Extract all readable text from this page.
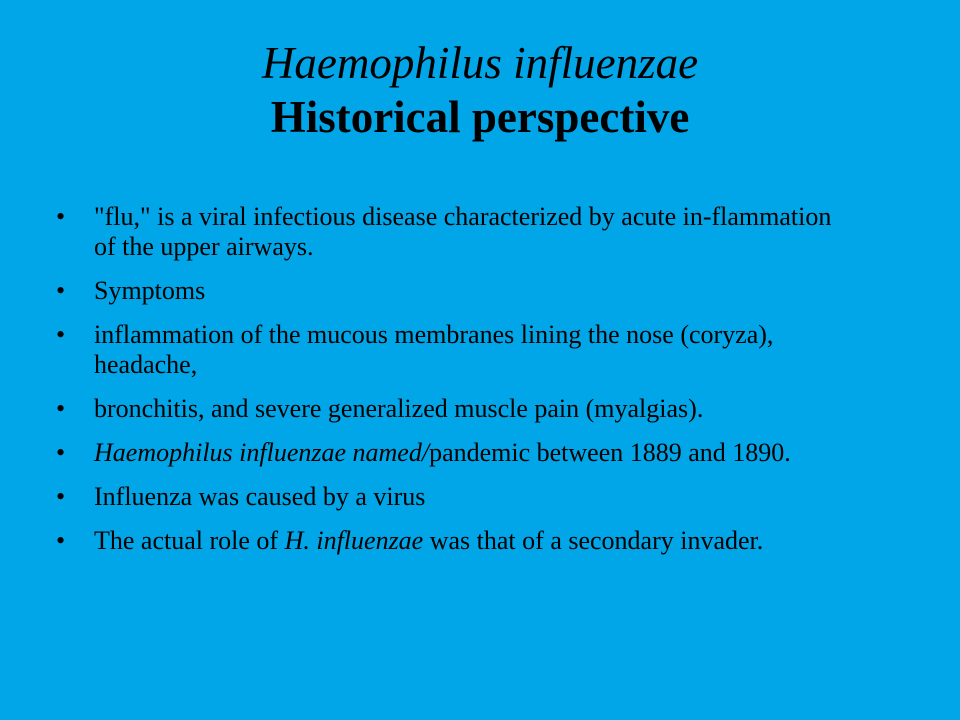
Haemophilus influenzae
Historical perspective
• "flu," is a viral infectious disease characterized by acute in-flammation of the upper airways.
• Symptoms
• inflammation of the mucous membranes lining the nose (coryza), headache,
• bronchitis, and severe generalized muscle pain (myalgias).
• Haemophilus influenzae named/pandemic between 1889 and 1890.
• Influenza was caused by a virus
• The actual role of H. influenzae was that of a secondary invader.
